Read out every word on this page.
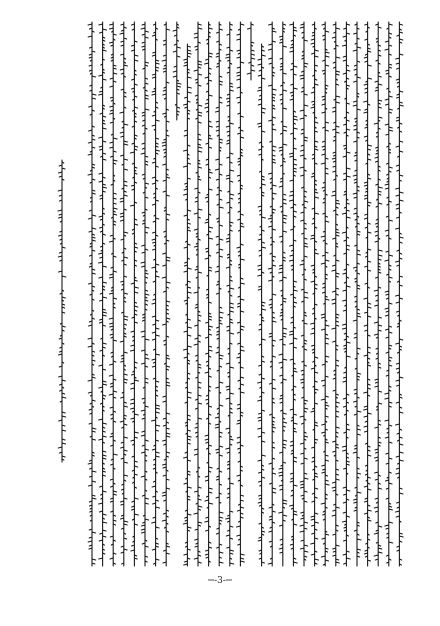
-3-
